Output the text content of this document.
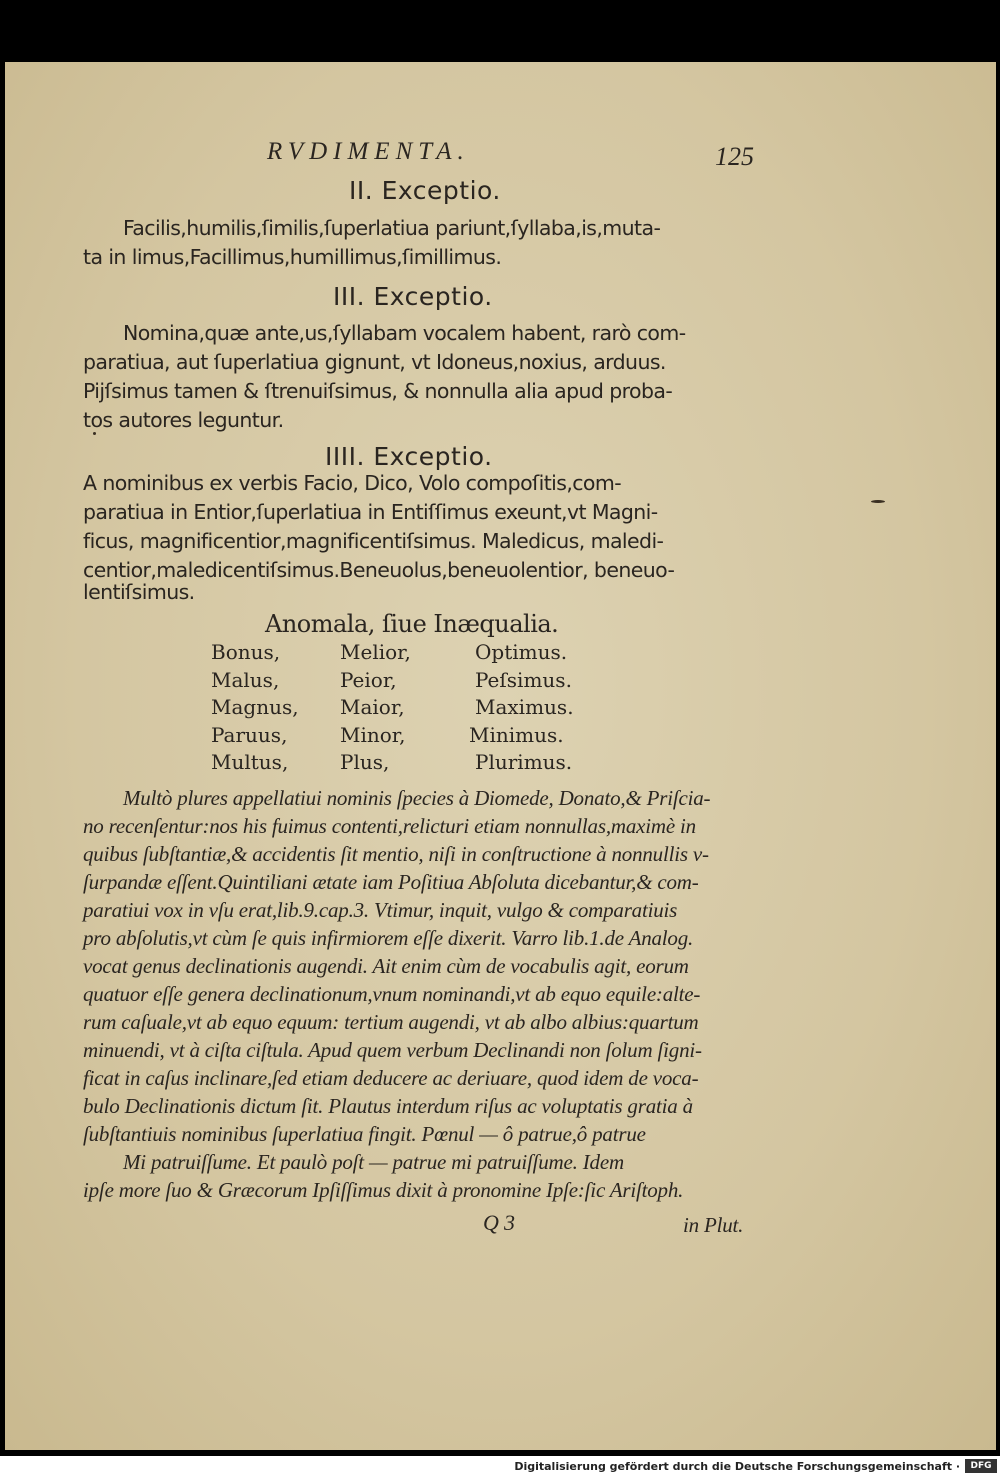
RVDIMENTA.	125
II. Exceptio.
Facilis,humilis,ſimilis,ſuperlatiua pariunt,ſyllaba,is,muta-
ta in limus,Facillimus,humillimus,ſimillimus.
III. Exceptio.
Nomina,quæ ante,us,ſyllabam vocalem habent, rarò com-
paratiua, aut ſuperlatiua gignunt, vt Idoneus,noxius, arduus.
Pijſsimus tamen & ſtrenuiſsimus, & nonnulla alia apud proba-
tos autores leguntur.
IIII. Exceptio.
A nominibus ex verbis Facio, Dico, Volo compoſitis,com-
paratiua in Entior,ſuperlatiua in Entiſſimus exeunt,vt Magni-
ficus, magnificentior,magnificentiſsimus. Maledicus, maledi-
centior,maledicentiſsimus.Beneuolus,beneuolentior, beneuo-
lentiſsimus.
Anomala, ſiue Inæqualia.
Multò plures appellatiui nominis ſpecies à Diomede, Donato,& Priſcia-
no recenſentur:nos his fuimus contenti,relicturi etiam nonnullas,maximè in
quibus ſubſtantiæ,& accidentis ſit mentio, niſi in conſtructione à nonnullis v-
ſurpandæ eſſent.Quintiliani ætate iam Poſitiua Abſoluta dicebantur,& com-
paratiui vox in vſu erat,lib.9.cap.3. Vtimur, inquit, vulgo & comparatiuis
pro abſolutis,vt cùm ſe quis infirmiorem eſſe dixerit. Varro lib.1.de Analog.
vocat genus declinationis augendi. Ait enim cùm de vocabulis agit, eorum
quatuor eſſe genera declinationum,vnum nominandi,vt ab equo equile:alte-
rum caſuale,vt ab equo equum: tertium augendi, vt ab albo albius:quartum
minuendi, vt à ciſta ciſtula. Apud quem verbum Declinandi non ſolum ſigni-
ficat in caſus inclinare,ſed etiam deducere ac deriuare, quod idem de voca-
bulo Declinationis dictum ſit. Plautus interdum riſus ac voluptatis gratia à
ſubſtantiuis nominibus ſuperlatiua fingit. Pœnul — ô patrue,ô patrue
Mi patruiſſume. Et paulò poſt — patrue mi patruiſſume. Idem
ipſe more ſuo & Græcorum Ipſiſſimus dixit à pronomine Ipſe:ſic Ariſtoph.
Q 3	in Plut.
Bonus,	Melior,	Optimus.
Malus,	Peior,	Peſsimus.
Magnus, Maior,	Maximus.
Paruus,	Minor,	Minimus.
Multus,	Plus,	Plurimus.
Digitalisierung gefördert durch die Deutsche Forschungsgemeinschaft ·	DFG
